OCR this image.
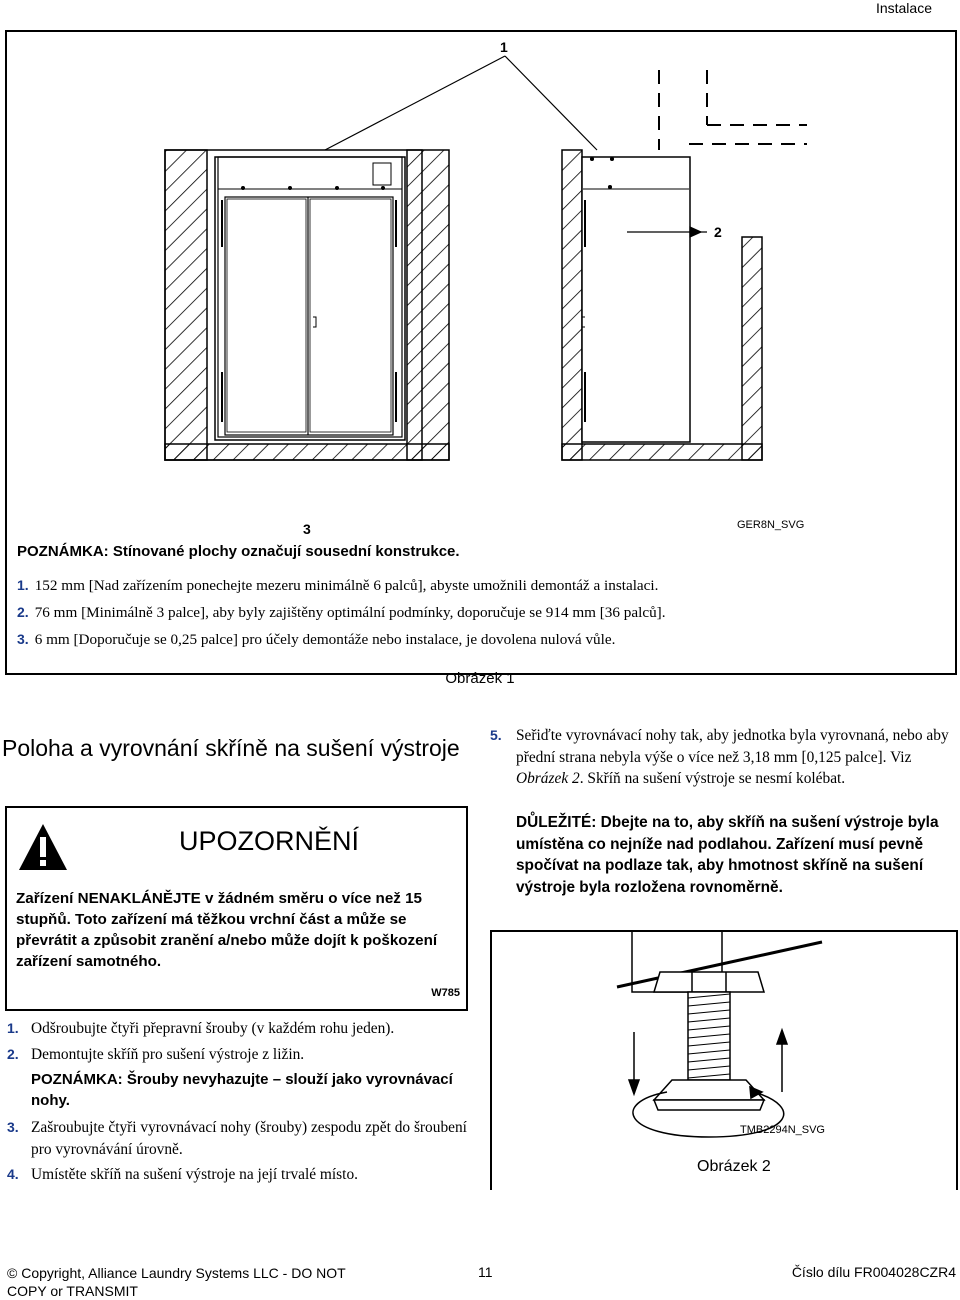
Instalace
1
2
3	GER8N_SVG
POZNÁMKA: Stínované plochy označují sousední konstrukce.
1. 152 mm [Nad zařízením ponechejte mezeru minimálně 6 palců], abyste umožnili demontáž a instalaci.
2. 76 mm [Minimálně 3 palce], aby byly zajištěny optimální podmínky, doporučuje se 914 mm [36 palců].
3. 6 mm [Doporučuje se 0,25 palce] pro účely demontáže nebo instalace, je dovolena nulová vůle.
Obrázek 1
Poloha a vyrovnání skříně na sušení výstroje
UPOZORNĚNÍ
Zařízení NENAKLÁNĚJTE v žádném směru o více než 15 stupňů. Toto zařízení má těžkou vrchní část a může se převrátit a způsobit zranění a/nebo může dojít k poškození zařízení samotného.
W785
1. Odšroubujte čtyři přepravní šrouby (v každém rohu jeden).
2. Demontujte skříň pro sušení výstroje z ližin.
POZNÁMKA: Šrouby nevyhazujte – slouží jako vyrovnávací nohy.
3. Zašroubujte čtyři vyrovnávací nohy (šrouby) zespodu zpět do šroubení pro vyrovnávání úrovně.
4. Umístěte skříň na sušení výstroje na její trvalé místo.
5. Seřiďte vyrovnávací nohy tak, aby jednotka byla vyrovnaná, nebo aby přední strana nebyla výše o více než 3,18 mm [0,125 palce]. Viz Obrázek 2. Skříň na sušení výstroje se nesmí kolébat.
DŮLEŽITÉ: Dbejte na to, aby skříň na sušení výstroje byla umístěna co nejníže nad podlahou. Zařízení musí pevně spočívat na podlaze tak, aby hmotnost skříně na sušení výstroje byla rozložena rovnoměrně.
TMB2294N_SVG
Obrázek 2
© Copyright, Alliance Laundry Systems LLC - DO NOT COPY or TRANSMIT
11	Číslo dílu FR004028CZR4
